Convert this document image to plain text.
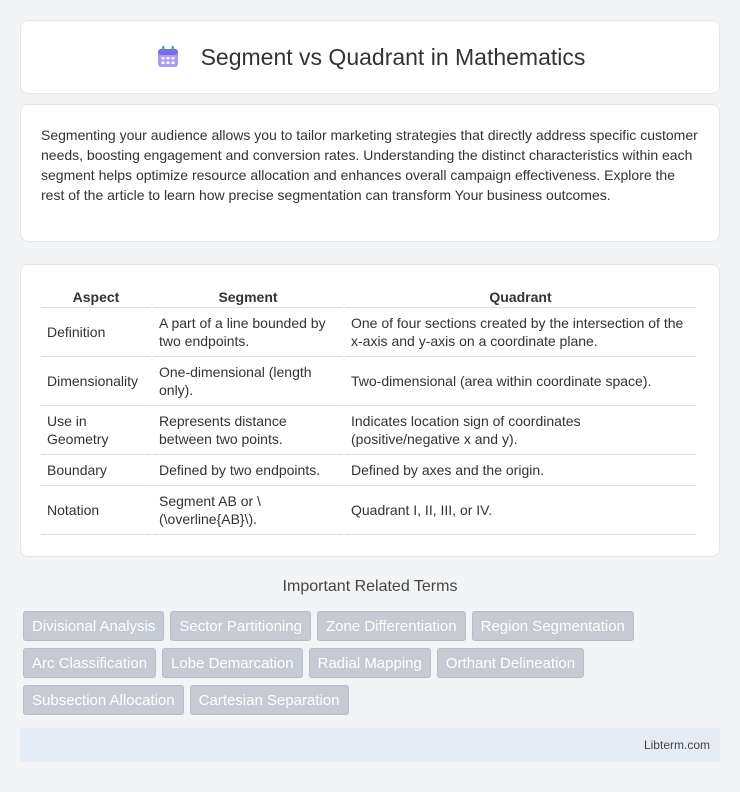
Segment vs Quadrant in Mathematics

Segmenting your audience allows you to tailor marketing strategies that directly address specific customer needs, boosting engagement and conversion rates. Understanding the distinct characteristics within each segment helps optimize resource allocation and enhances overall campaign effectiveness. Explore the rest of the article to learn how precise segmentation can transform Your business outcomes.

Aspect	Segment	Quadrant
Definition	A part of a line bounded by two endpoints.	One of four sections created by the intersection of the x-axis and y-axis on a coordinate plane.
Dimensionality	One-dimensional (length only).	Two-dimensional (area within coordinate space).
Use in Geometry	Represents distance between two points.	Indicates location sign of coordinates (positive/negative x and y).
Boundary	Defined by two endpoints.	Defined by axes and the origin.
Notation	Segment AB or \(\overline{AB}\).	Quadrant I, II, III, or IV.
Important Related Terms
Divisional Analysis	Sector Partitioning	Zone Differentiation	Region Segmentation
Arc Classification	Lobe Demarcation	Radial Mapping	Orthant Delineation
Subsection Allocation	Cartesian Separation
Libterm.com
